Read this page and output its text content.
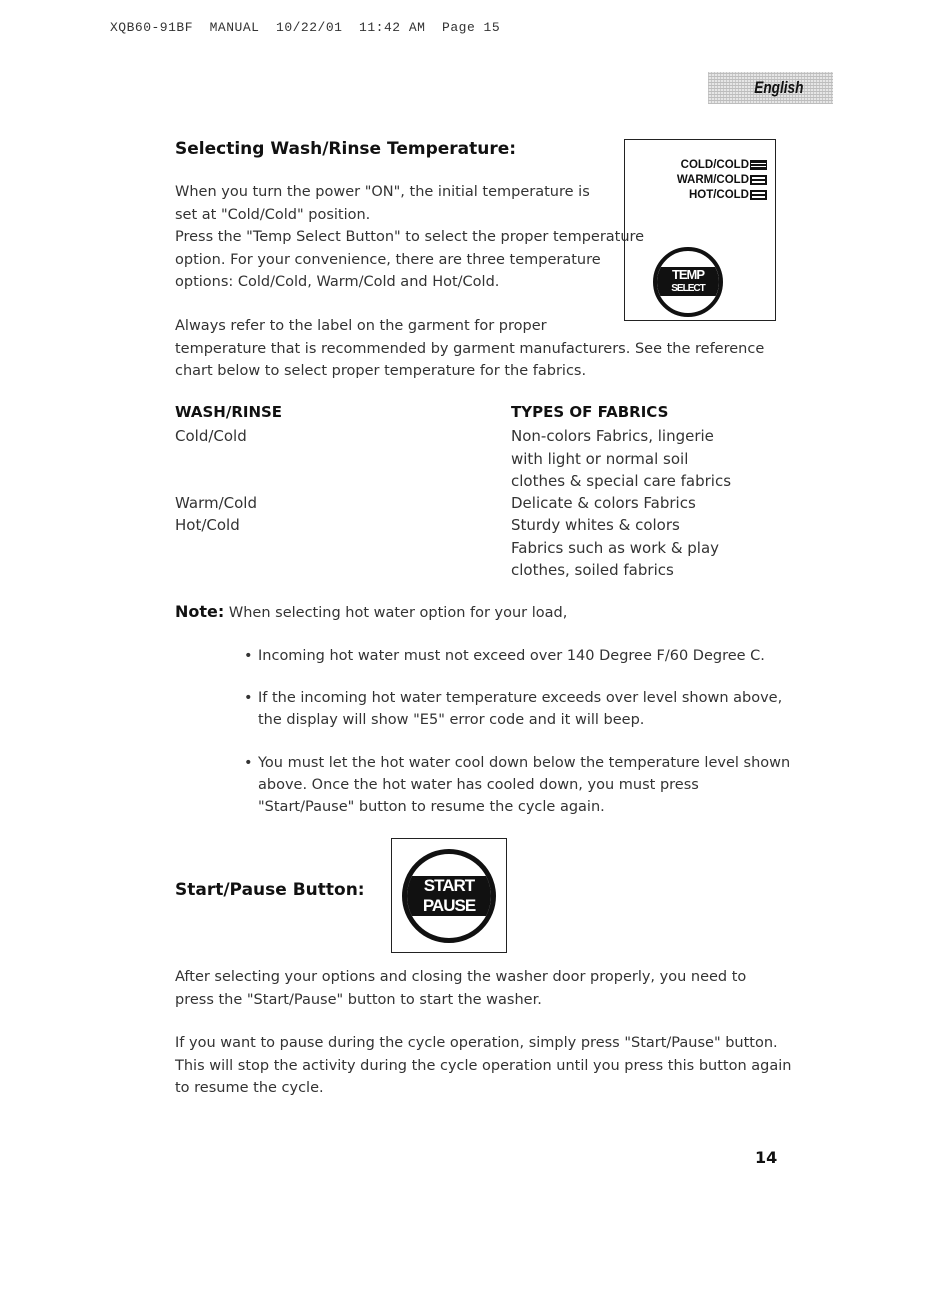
XQB60-91BF  MANUAL  10/22/01  11:42 AM  Page 15
English
Selecting Wash/Rinse Temperature:
When you turn the power "ON", the initial temperature is
set at "Cold/Cold" position.
Press the "Temp Select Button" to select the proper temperature
option. For your convenience, there are three temperature
options: Cold/Cold, Warm/Cold and Hot/Cold.
COLD/COLD
WARM/COLD
HOT/COLD
TEMP
SELECT
Always refer to the label on the garment for proper
temperature that is recommended by garment manufacturers. See the reference
chart below to select proper temperature for the fabrics.
WASH/RINSE	TYPES OF FABRICS
Cold/Cold	Non-colors Fabrics, lingerie
with light or normal soil
clothes & special care fabrics
Warm/Cold	Delicate & colors Fabrics
Hot/Cold	Sturdy whites & colors
Fabrics such as work & play
clothes, soiled fabrics
Note: When selecting hot water option for your load,
• Incoming hot water must not exceed over 140 Degree F/60 Degree C.
• If the incoming hot water temperature exceeds over level shown above,
the display will show "E5" error code and it will beep.
• You must let the hot water cool down below the temperature level shown
above. Once the hot water has cooled down, you must press
"Start/Pause" button to resume the cycle again.
Start/Pause Button:	START
PAUSE
After selecting your options and closing the washer door properly, you need to
press the "Start/Pause" button to start the washer.
If you want to pause during the cycle operation, simply press "Start/Pause" button.
This will stop the activity during the cycle operation until you press this button again
to resume the cycle.
14
